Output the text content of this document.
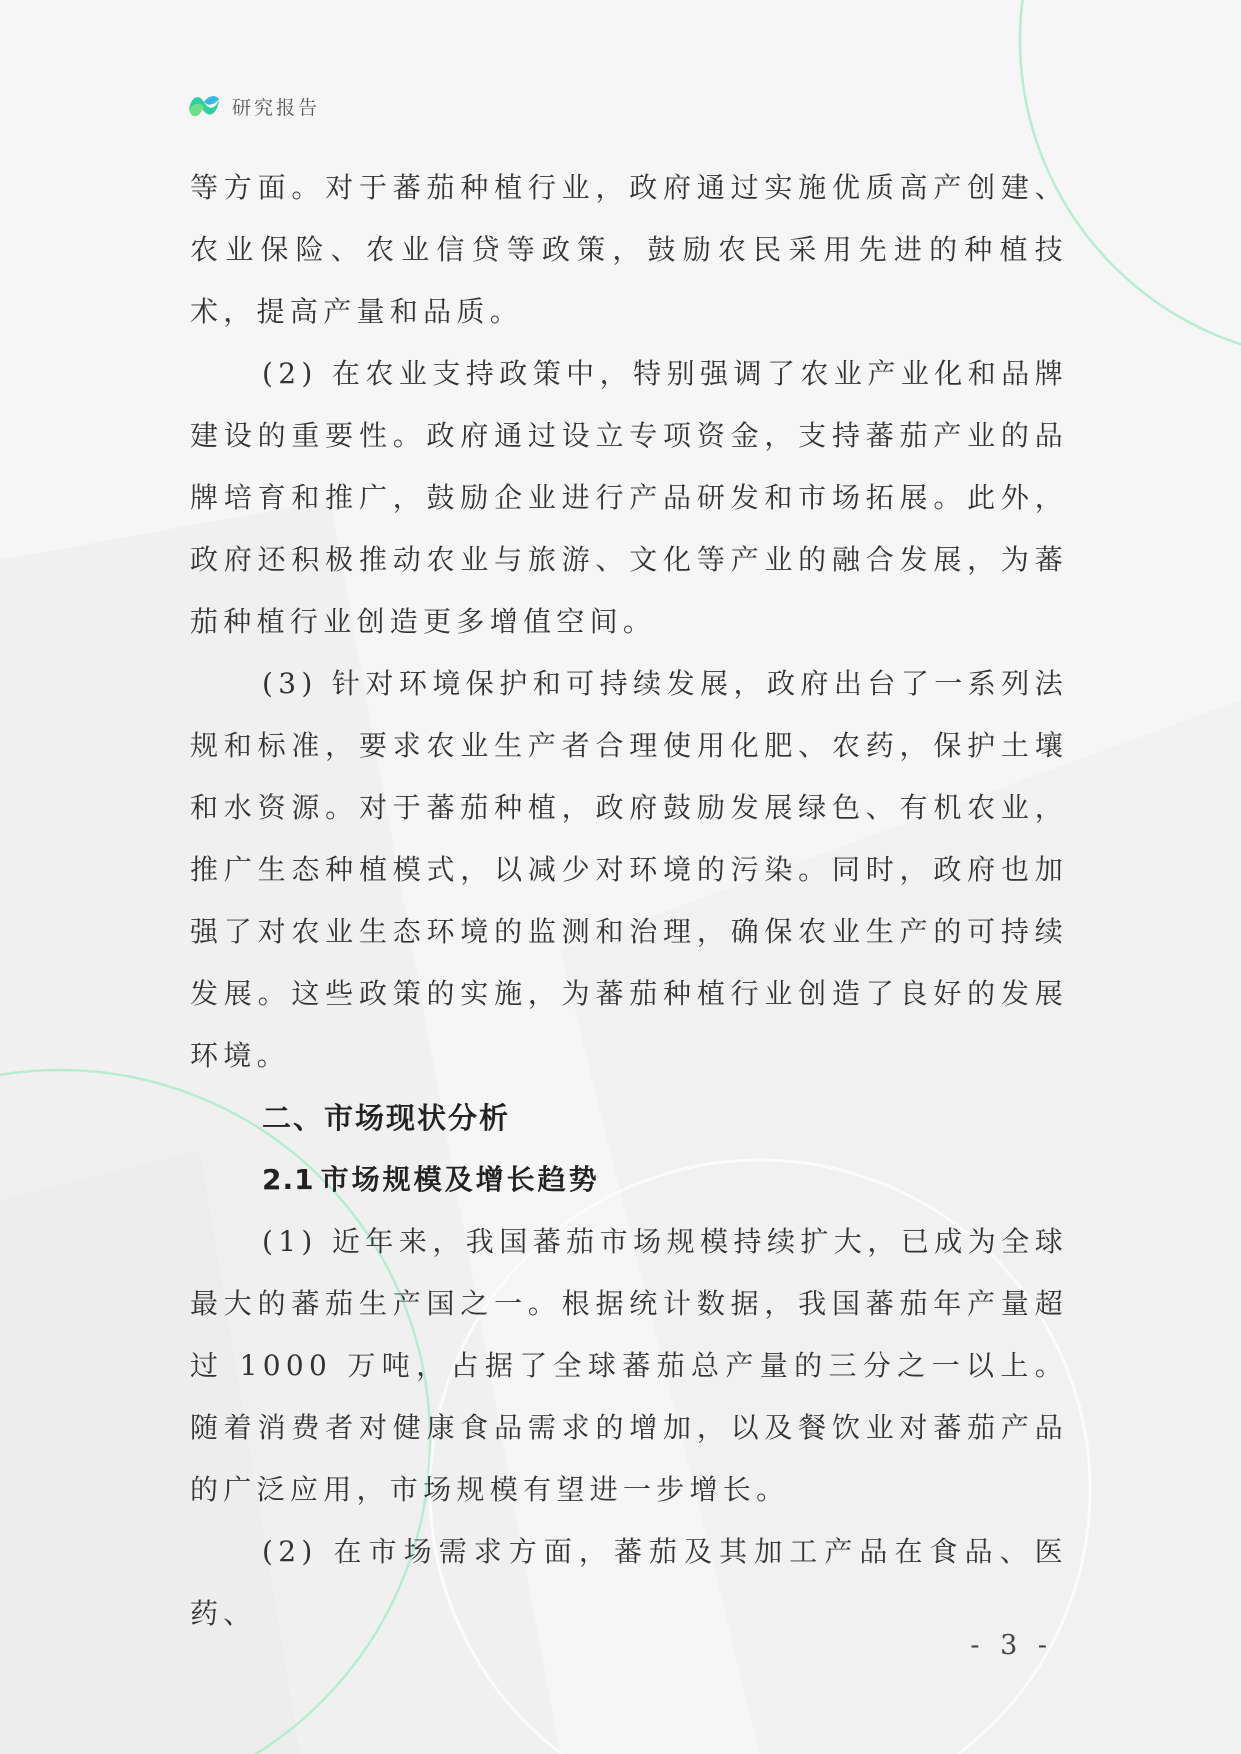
研究报告

等方面。对于蕃茄种植行业，政府通过实施优质高产创建、农业保险、农业信贷等政策，鼓励农民采用先进的种植技术，提高产量和品质。

(2) 在农业支持政策中，特别强调了农业产业化和品牌建设的重要性。政府通过设立专项资金，支持蕃茄产业的品牌培育和推广，鼓励企业进行产品研发和市场拓展。此外，政府还积极推动农业与旅游、文化等产业的融合发展，为蕃茄种植行业创造更多增值空间。

(3) 针对环境保护和可持续发展，政府出台了一系列法规和标准，要求农业生产者合理使用化肥、农药，保护土壤和水资源。对于蕃茄种植，政府鼓励发展绿色、有机农业，推广生态种植模式，以减少对环境的污染。同时，政府也加强了对农业生态环境的监测和治理，确保农业生产的可持续发展。这些政策的实施，为蕃茄种植行业创造了良好的发展环境。

二、市场现状分析
2.1 市场规模及增长趋势

(1) 近年来，我国蕃茄市场规模持续扩大，已成为全球最大的蕃茄生产国之一。根据统计数据，我国蕃茄年产量超过 1000 万吨，占据了全球蕃茄总产量的三分之一以上。随着消费者对健康食品需求的增加，以及餐饮业对蕃茄产品的广泛应用，市场规模有望进一步增长。

(2) 在市场需求方面，蕃茄及其加工产品在食品、医药、

- 3 -
